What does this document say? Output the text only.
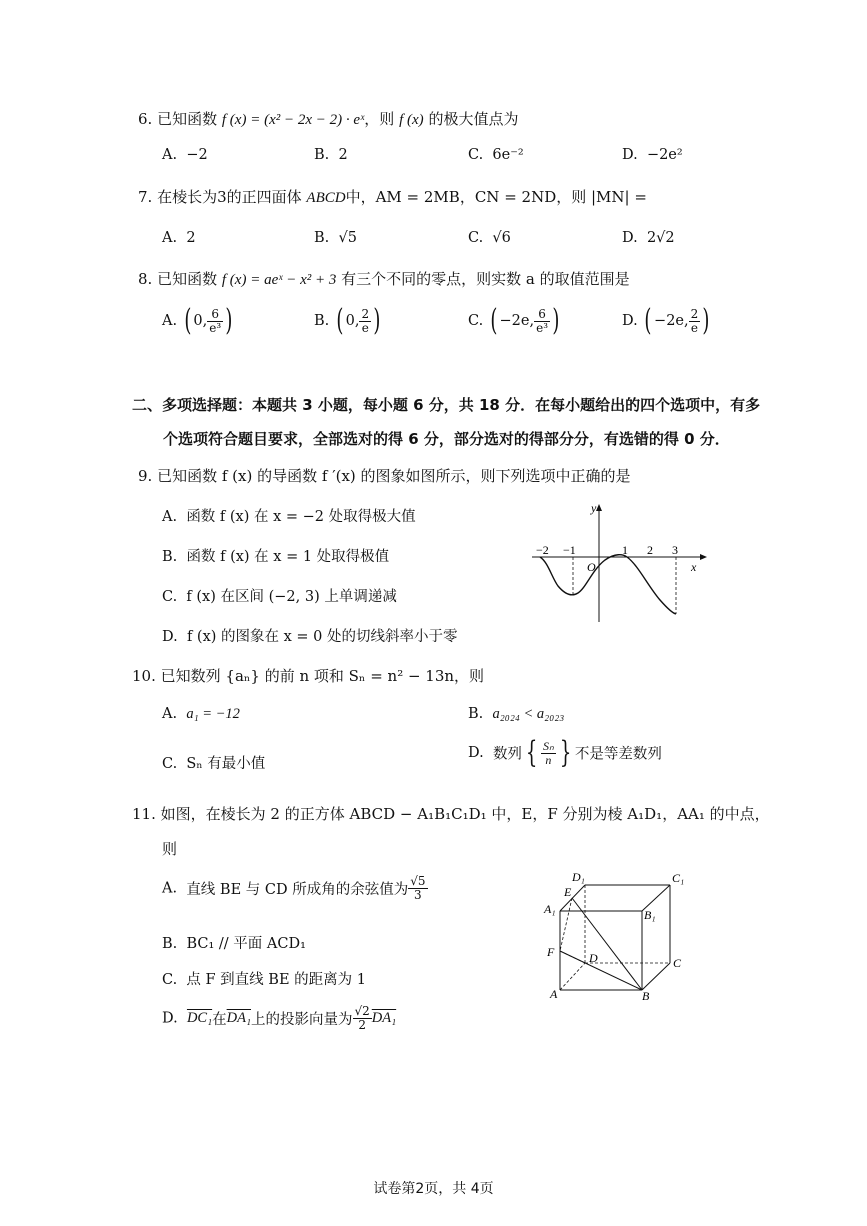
6. 已知函数 f (x) = (x² − 2x − 2) · eˣ，则 f (x) 的极大值点为
A. −2	B. 2	C. 6e⁻²	D. −2e²
7. 在棱长为3的正四面体 ABCD中，AM = 2MB，CN = 2ND，则 |MN| =
A. 2	B. √5	C. √6	D. 2√2
8. 已知函数 f (x) = aeˣ − x² + 3 有三个不同的零点，则实数 a 的取值范围是
A. ( 0, $\frac{6}{\text{e³}}$ )	B. ( 0, $\frac{2}{e}$ )	C. ( −2e, $\frac{6}{\text{e³}}$ )	D. ( −2e, $\frac{2}{e}$ )
二、多项选择题：本题共 3 小题，每小题 6 分，共 18 分．在每小题给出的四个选项中，有多
个选项符合题目要求，全部选对的得 6 分，部分选对的得部分分，有选错的得 0 分．
9. 已知函数 f (x) 的导函数 f ′(x) 的图象如图所示，则下列选项中正确的是
A. 函数 f (x) 在 x = −2 处取得极大值
B. 函数 f (x) 在 x = 1 处取得极值
C. f (x) 在区间 (−2, 3) 上单调递减
D. f (x) 的图象在 x = 0 处的切线斜率小于零
y
x
O
−2 −1	1 2 3
10. 已知数列 {aₙ} 的前 n 项和 Sₙ = n² − 13n，则
A. a₁ = −12	B. a₂₀₂₄ < a₂₀₂₃
C. Sₙ 有最小值
D. 数列 { $\frac{\text{Sₙ}}{n}$ } 不是等差数列
11. 如图，在棱长为 2 的正方体 ABCD − A₁B₁C₁D₁ 中，E，F 分别为棱 A₁D₁，AA₁ 的中点，
则
A. 直线 BE 与 CD 所成角的余弦值为 $\frac{√5}{3}$
B. BC₁ // 平面 ACD₁
C. 点 F 到直线 BE 的距离为 1
D. DC₁在DA₁上的投影向量为 $\frac{√2}{2} DA_1$
D₁	C₁
E
A₁	B₁
F	D	C
A	B
试卷第2页，共 4页
